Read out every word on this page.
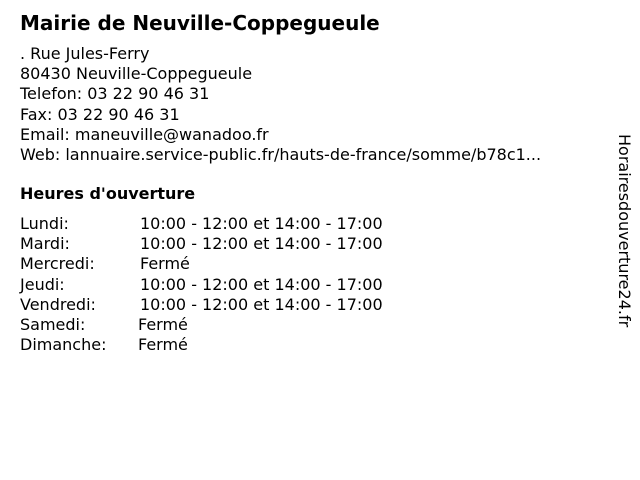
Mairie de Neuville-Coppegueule
. Rue Jules-Ferry
80430 Neuville-Coppegueule
Telefon: 03 22 90 46 31
Fax: 03 22 90 46 31
Email: maneuville@wanadoo.fr
Web: lannuaire.service-public.fr/hauts-de-france/somme/b78c1...
Heures d'ouverture
Lundi:	10:00 - 12:00 et 14:00 - 17:00
Mardi:	10:00 - 12:00 et 14:00 - 17:00
Mercredi:	Fermé
Jeudi:	10:00 - 12:00 et 14:00 - 17:00
Vendredi:	10:00 - 12:00 et 14:00 - 17:00
Samedi:	Fermé
Dimanche: Fermé
Horairesdouverture24.fr
